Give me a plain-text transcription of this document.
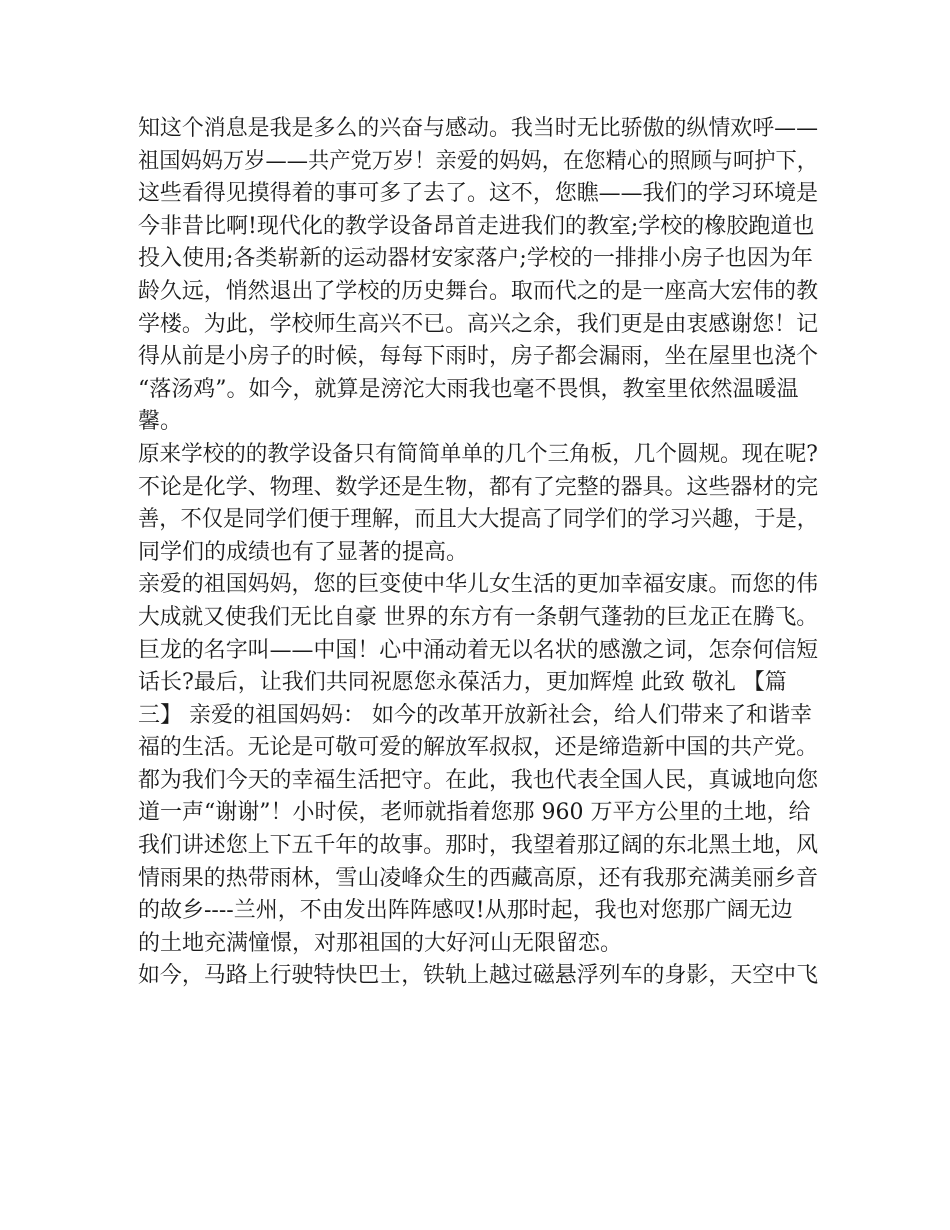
知这个消息是我是多么的兴奋与感动。我当时无比骄傲的纵情欢呼——
祖国妈妈万岁——共产党万岁！亲爱的妈妈，在您精心的照顾与呵护下，
这些看得见摸得着的事可多了去了。这不，您瞧——我们的学习环境是
今非昔比啊!现代化的教学设备昂首走进我们的教室;学校的橡胶跑道也
投入使用;各类崭新的运动器材安家落户;学校的一排排小房子也因为年
龄久远，悄然退出了学校的历史舞台。取而代之的是一座高大宏伟的教
学楼。为此，学校师生高兴不已。高兴之余，我们更是由衷感谢您！记
得从前是小房子的时候，每每下雨时，房子都会漏雨，坐在屋里也浇个
“落汤鸡”。如今，就算是滂沱大雨我也毫不畏惧，教室里依然温暖温
馨。
原来学校的的教学设备只有简简单单的几个三角板，几个圆规。现在呢?
不论是化学、物理、数学还是生物，都有了完整的器具。这些器材的完
善，不仅是同学们便于理解，而且大大提高了同学们的学习兴趣，于是，
同学们的成绩也有了显著的提高。
亲爱的祖国妈妈，您的巨变使中华儿女生活的更加幸福安康。而您的伟
大成就又使我们无比自豪 世界的东方有一条朝气蓬勃的巨龙正在腾飞。
巨龙的名字叫——中国！心中涌动着无以名状的感激之词，怎奈何信短
话长?最后，让我们共同祝愿您永葆活力，更加辉煌 此致 敬礼 【篇
三】 亲爱的祖国妈妈： 如今的改革开放新社会，给人们带来了和谐幸
福的生活。无论是可敬可爱的解放军叔叔，还是缔造新中国的共产党。
都为我们今天的幸福生活把守。在此，我也代表全国人民，真诚地向您
道一声“谢谢”！小时侯，老师就指着您那 960 万平方公里的土地，给
我们讲述您上下五千年的故事。那时，我望着那辽阔的东北黑土地，风
情雨果的热带雨林，雪山凌峰众生的西藏高原，还有我那充满美丽乡音
的故乡----兰州，不由发出阵阵感叹!从那时起，我也对您那广阔无边
的土地充满憧憬，对那祖国的大好河山无限留恋。
如今，马路上行驶特快巴士，铁轨上越过磁悬浮列车的身影，天空中飞
